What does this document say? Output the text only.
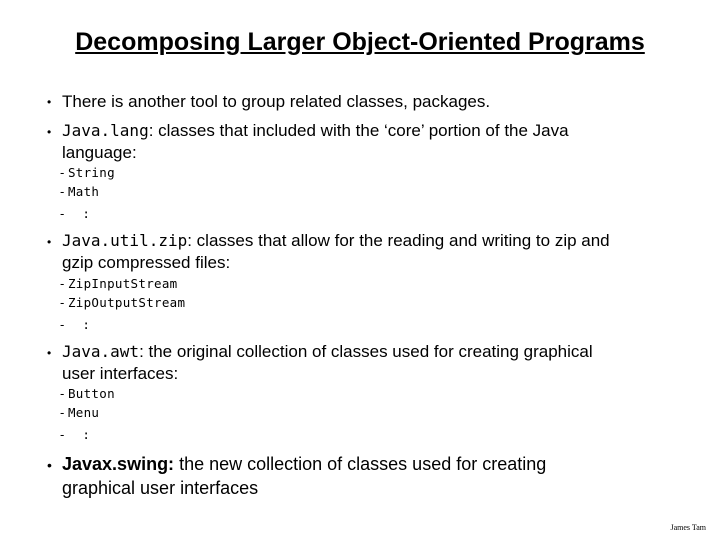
Decomposing Larger Object-Oriented Programs
• There is another tool to group related classes, packages.
• Java.lang: classes that included with the ‘core’ portion of the Java
language:
- String
- Math
- :
• Java.util.zip: classes that allow for the reading and writing to zip and
gzip compressed files:
- ZipInputStream
- ZipOutputStream
- :
• Java.awt: the original collection of classes used for creating graphical
user interfaces:
- Button
- Menu
- :
• Javax.swing: the new collection of classes used for creating
graphical user interfaces
James Tam
